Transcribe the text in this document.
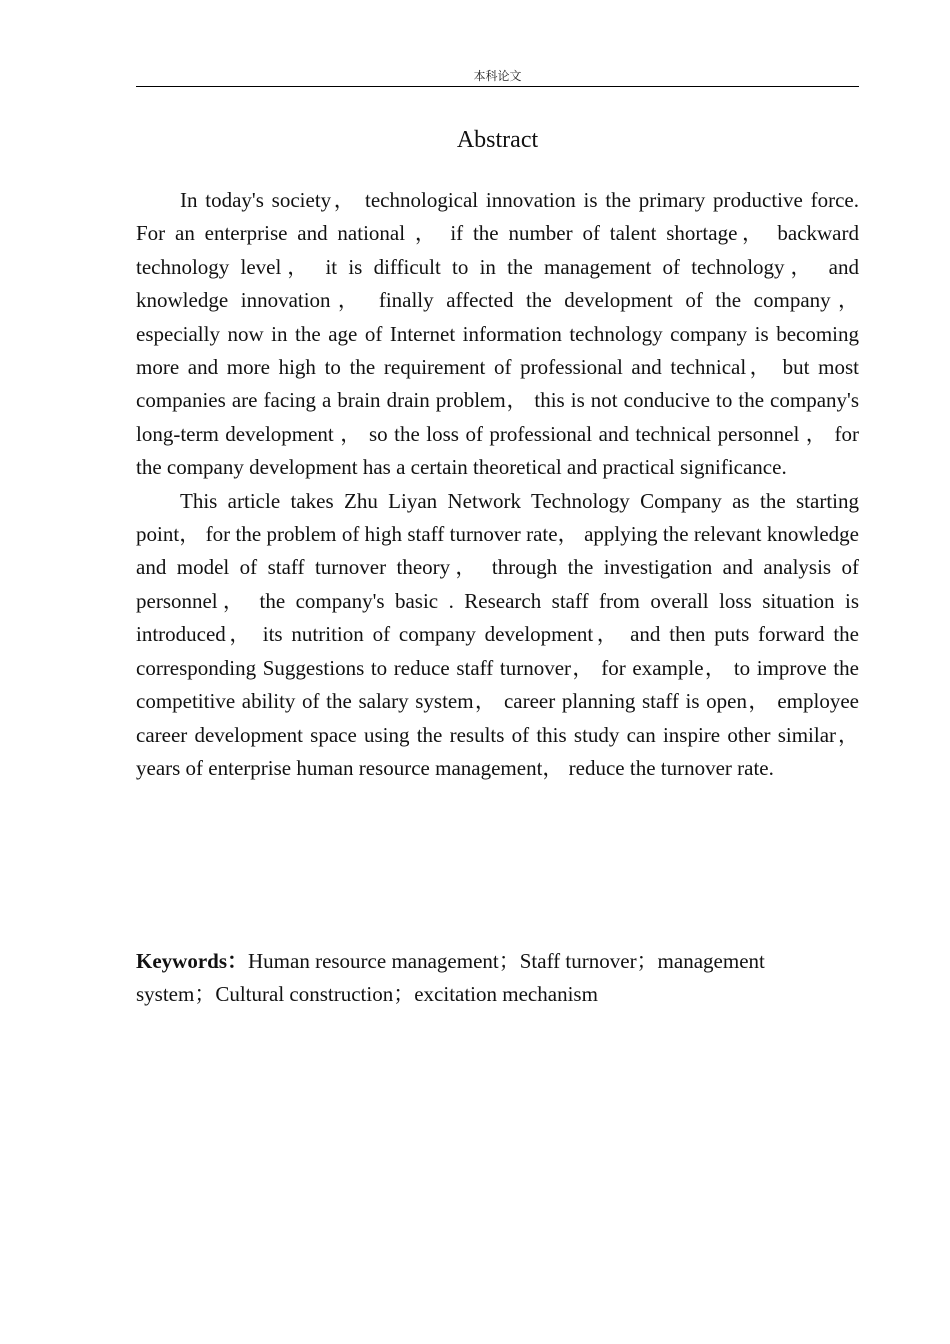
本科论文
Abstract

In today's society， technological innovation is the primary productive force. For an enterprise and national ， if the number of talent shortage， backward technology level， it is difficult to in the management of technology， and knowledge innovation， finally affected the development of the company， especially now in the age of Internet information technology company is becoming more and more high to the requirement of professional and technical， but most companies are facing a brain drain problem， this is not conducive to the company's long-term development ， so the loss of professional and technical personnel ， for the company development has a certain theoretical and practical significance.

This article takes Zhu Liyan Network Technology Company as the starting point， for the problem of high staff turnover rate， applying the relevant knowledge and model of staff turnover theory， through the investigation and analysis of personnel， the company's basic . Research staff from overall loss situation is introduced， its nutrition of company development， and then puts forward the corresponding Suggestions to reduce staff turnover， for example， to improve the competitive ability of the salary system， career planning staff is open， employee career development space using the results of this study can inspire other similar， years of enterprise human resource management， reduce the turnover rate.

Keywords：Human resource management；Staff turnover；management system；Cultural construction；excitation mechanism
